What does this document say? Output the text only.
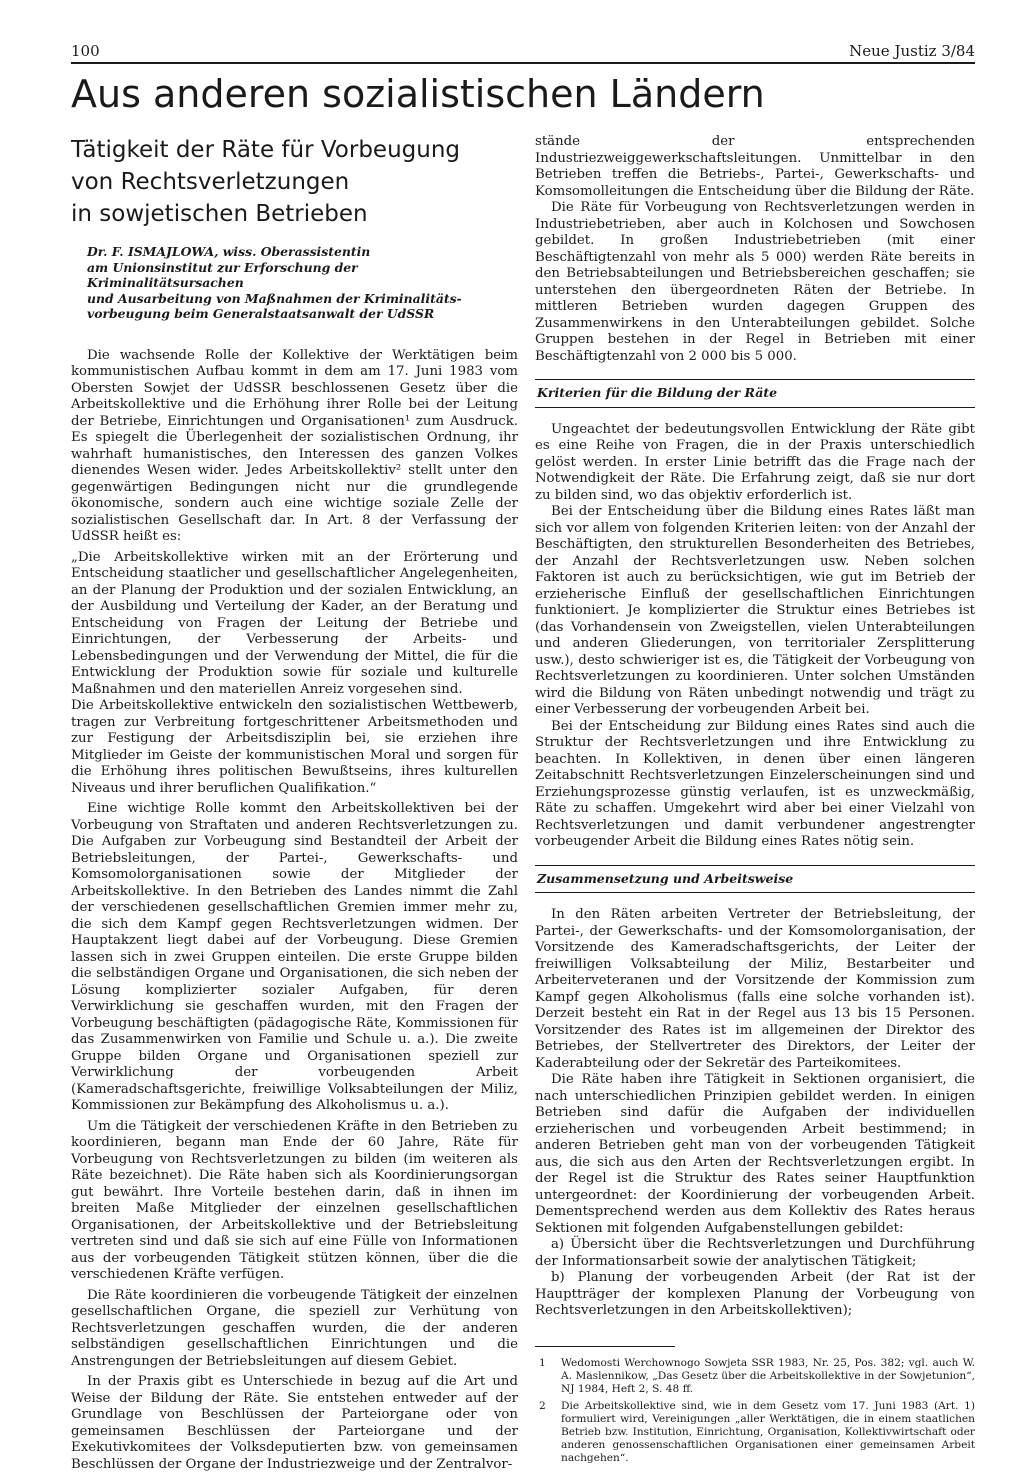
100	Neue Justiz 3/84
Aus anderen sozialistischen Ländern
Tätigkeit der Räte für Vorbeugung
von Rechtsverletzungen
in sowjetischen Betrieben
Dr. F. ISMAJLOWA, wiss. Oberassistentin
am Unionsinstitut zur Erforschung der Kriminalitätsursachen
und Ausarbeitung von Maßnahmen der Kriminalitäts-
vorbeugung beim Generalstaatsanwalt der UdSSR

Die wachsende Rolle der Kollektive der Werktätigen beim kommunistischen Aufbau kommt in dem am 17. Juni 1983 vom Obersten Sowjet der UdSSR beschlossenen Gesetz über die Arbeitskollektive und die Erhöhung ihrer Rolle bei der Leitung der Betriebe, Einrichtungen und Organisationen¹ zum Ausdruck. Es spiegelt die Überlegenheit der sozialistischen Ordnung, ihr wahrhaft humanistisches, den Interessen des ganzen Volkes dienendes Wesen wider. Jedes Arbeitskollektiv² stellt unter den gegenwärtigen Bedingungen nicht nur die grundlegende ökonomische, sondern auch eine wichtige soziale Zelle der sozialistischen Gesellschaft dar. In Art. 8 der Verfassung der UdSSR heißt es:

„Die Arbeitskollektive wirken mit an der Erörterung und Entscheidung staatlicher und gesellschaftlicher Angelegenheiten, an der Planung der Produktion und der sozialen Entwicklung, an der Ausbildung und Verteilung der Kader, an der Beratung und Entscheidung von Fragen der Leitung der Betriebe und Einrichtungen, der Verbesserung der Arbeits- und Lebensbedingungen und der Verwendung der Mittel, die für die Entwicklung der Produktion sowie für soziale und kulturelle Maßnahmen und den materiellen Anreiz vorgesehen sind.

Die Arbeitskollektive entwickeln den sozialistischen Wettbewerb, tragen zur Verbreitung fortgeschrittener Arbeitsmethoden und zur Festigung der Arbeitsdisziplin bei, sie erziehen ihre Mitglieder im Geiste der kommunistischen Moral und sorgen für die Erhöhung ihres politischen Bewußtseins, ihres kulturellen Niveaus und ihrer beruflichen Qualifikation.“

Eine wichtige Rolle kommt den Arbeitskollektiven bei der Vorbeugung von Straftaten und anderen Rechtsverletzungen zu. Die Aufgaben zur Vorbeugung sind Bestandteil der Arbeit der Betriebsleitungen, der Partei-, Gewerkschafts- und Komsomolorganisationen sowie der Mitglieder der Arbeitskollektive. In den Betrieben des Landes nimmt die Zahl der verschiedenen gesellschaftlichen Gremien immer mehr zu, die sich dem Kampf gegen Rechtsverletzungen widmen. Der Hauptakzent liegt dabei auf der Vorbeugung. Diese Gremien lassen sich in zwei Gruppen einteilen. Die erste Gruppe bilden die selbständigen Organe und Organisationen, die sich neben der Lösung komplizierter sozialer Aufgaben, für deren Verwirklichung sie geschaffen wurden, mit den Fragen der Vorbeugung beschäftigten (pädagogische Räte, Kommissionen für das Zusammenwirken von Familie und Schule u. a.). Die zweite Gruppe bilden Organe und Organisationen speziell zur Verwirklichung der vorbeugenden Arbeit (Kameradschaftsgerichte, freiwillige Volksabteilungen der Miliz, Kommissionen zur Bekämpfung des Alkoholismus u. a.).

Um die Tätigkeit der verschiedenen Kräfte in den Betrieben zu koordinieren, begann man Ende der 60 Jahre, Räte für Vorbeugung von Rechtsverletzungen zu bilden (im weiteren als Räte bezeichnet). Die Räte haben sich als Koordinierungsorgan gut bewährt. Ihre Vorteile bestehen darin, daß in ihnen im breiten Maße Mitglieder der einzelnen gesellschaftlichen Organisationen, der Arbeitskollektive und der Betriebsleitung vertreten sind und daß sie sich auf eine Fülle von Informationen aus der vorbeugenden Tätigkeit stützen können, über die die verschiedenen Kräfte verfügen.

Die Räte koordinieren die vorbeugende Tätigkeit der einzelnen gesellschaftlichen Organe, die speziell zur Verhütung von Rechtsverletzungen geschaffen wurden, die der anderen selbständigen gesellschaftlichen Einrichtungen und die Anstrengungen der Betriebsleitungen auf diesem Gebiet.

In der Praxis gibt es Unterschiede in bezug auf die Art und Weise der Bildung der Räte. Sie entstehen entweder auf der Grundlage von Beschlüssen der Parteiorgane oder von gemeinsamen Beschlüssen der Parteiorgane und der Exekutivkomitees der Volksdeputierten bzw. von gemeinsamen Beschlüssen der Organe der Industriezweige und der Zentralvor-

stände der entsprechenden Industriezweiggewerkschaftsleitungen. Unmittelbar in den Betrieben treffen die Betriebs-, Partei-, Gewerkschafts- und Komsomolleitungen die Entscheidung über die Bildung der Räte.

Die Räte für Vorbeugung von Rechtsverletzungen werden in Industriebetrieben, aber auch in Kolchosen und Sowchosen gebildet. In großen Industriebetrieben (mit einer Beschäftigtenzahl von mehr als 5 000) werden Räte bereits in den Betriebsabteilungen und Betriebsbereichen geschaffen; sie unterstehen den übergeordneten Räten der Betriebe. In mittleren Betrieben wurden dagegen Gruppen des Zusammenwirkens in den Unterabteilungen gebildet. Solche Gruppen bestehen in der Regel in Betrieben mit einer Beschäftigtenzahl von 2 000 bis 5 000.

Kriterien für die Bildung der Räte

Ungeachtet der bedeutungsvollen Entwicklung der Räte gibt es eine Reihe von Fragen, die in der Praxis unterschiedlich gelöst werden. In erster Linie betrifft das die Frage nach der Notwendigkeit der Räte. Die Erfahrung zeigt, daß sie nur dort zu bilden sind, wo das objektiv erforderlich ist.

Bei der Entscheidung über die Bildung eines Rates läßt man sich vor allem von folgenden Kriterien leiten: von der Anzahl der Beschäftigten, den strukturellen Besonderheiten des Betriebes, der Anzahl der Rechtsverletzungen usw. Neben solchen Faktoren ist auch zu berücksichtigen, wie gut im Betrieb der erzieherische Einfluß der gesellschaftlichen Einrichtungen funktioniert. Je komplizierter die Struktur eines Betriebes ist (das Vorhandensein von Zweigstellen, vielen Unterabteilungen und anderen Gliederungen, von territorialer Zersplitterung usw.), desto schwieriger ist es, die Tätigkeit der Vorbeugung von Rechtsverletzungen zu koordinieren. Unter solchen Umständen wird die Bildung von Räten unbedingt notwendig und trägt zu einer Verbesserung der vorbeugenden Arbeit bei.

Bei der Entscheidung zur Bildung eines Rates sind auch die Struktur der Rechtsverletzungen und ihre Entwicklung zu beachten. In Kollektiven, in denen über einen längeren Zeitabschnitt Rechtsverletzungen Einzelerscheinungen sind und Erziehungsprozesse günstig verlaufen, ist es unzweckmäßig, Räte zu schaffen. Umgekehrt wird aber bei einer Vielzahl von Rechtsverletzungen und damit verbundener angestrengter vorbeugender Arbeit die Bildung eines Rates nötig sein.

Zusammensetzung und Arbeitsweise

In den Räten arbeiten Vertreter der Betriebsleitung, der Partei-, der Gewerkschafts- und der Komsomolorganisation, der Vorsitzende des Kameradschaftsgerichts, der Leiter der freiwilligen Volksabteilung der Miliz, Bestarbeiter und Arbeiterveteranen und der Vorsitzende der Kommission zum Kampf gegen Alkoholismus (falls eine solche vorhanden ist). Derzeit besteht ein Rat in der Regel aus 13 bis 15 Personen. Vorsitzender des Rates ist im allgemeinen der Direktor des Betriebes, der Stellvertreter des Direktors, der Leiter der Kaderabteilung oder der Sekretär des Parteikomitees.

Die Räte haben ihre Tätigkeit in Sektionen organisiert, die nach unterschiedlichen Prinzipien gebildet werden. In einigen Betrieben sind dafür die Aufgaben der individuellen erzieherischen und vorbeugenden Arbeit bestimmend; in anderen Betrieben geht man von der vorbeugenden Tätigkeit aus, die sich aus den Arten der Rechtsverletzungen ergibt. In der Regel ist die Struktur des Rates seiner Hauptfunktion untergeordnet: der Koordinierung der vorbeugenden Arbeit. Dementsprechend werden aus dem Kollektiv des Rates heraus Sektionen mit folgenden Aufgabenstellungen gebildet:

a) Übersicht über die Rechtsverletzungen und Durchführung der Informationsarbeit sowie der analytischen Tätigkeit;

b) Planung der vorbeugenden Arbeit (der Rat ist der Hauptträger der komplexen Planung der Vorbeugung von Rechtsverletzungen in den Arbeitskollektiven);

1	Wedomosti Werchownogo Sowjeta SSR 1983, Nr. 25, Pos. 382; vgl. auch W. A. Maslennikow, „Das Gesetz über die Arbeitskollektive in der Sowjetunion“, NJ 1984, Heft 2, S. 48 ff.
2	Die Arbeitskollektive sind, wie in dem Gesetz vom 17. Juni 1983 (Art. 1) formuliert wird, Vereinigungen „aller Werktätigen, die in einem staatlichen Betrieb bzw. Institution, Einrichtung, Organisation, Kollektivwirtschaft oder anderen genossenschaftlichen Organisationen einer gemeinsamen Arbeit nachgehen“.
